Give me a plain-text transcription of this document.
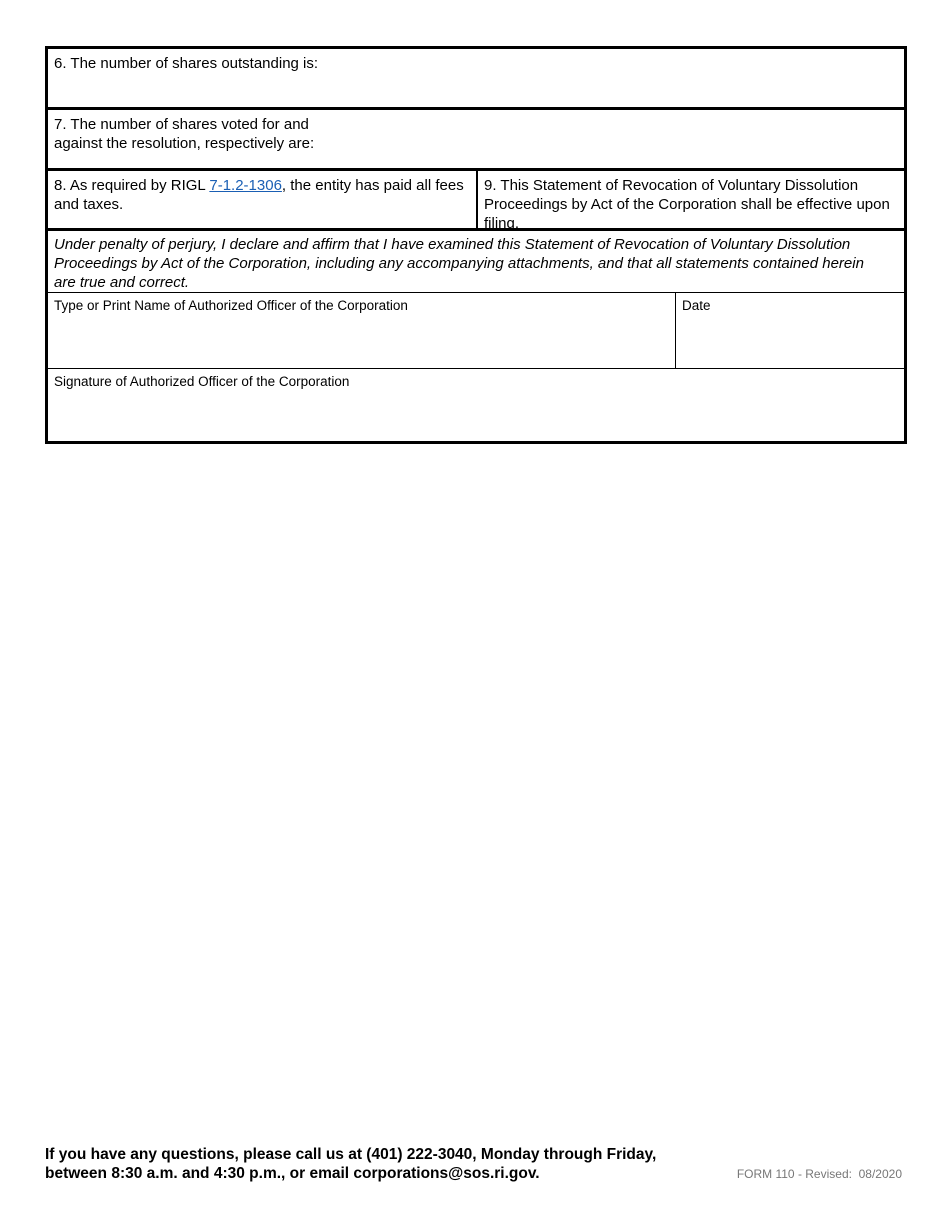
6. The number of shares outstanding is:
7. The number of shares voted for and
against the resolution, respectively are:
8. As required by RIGL 7-1.2-1306, the entity has paid all fees and taxes.
9. This Statement of Revocation of Voluntary Dissolution Proceedings by Act of the Corporation shall be effective upon filing.
Under penalty of perjury, I declare and affirm that I have examined this Statement of Revocation of Voluntary Dissolution
Proceedings by Act of the Corporation, including any accompanying attachments, and that all statements contained herein
are true and correct.
Type or Print Name of Authorized Officer of the Corporation	Date
Signature of Authorized Officer of the Corporation
If you have any questions, please call us at (401) 222-3040, Monday through Friday,
between 8:30 a.m. and 4:30 p.m., or email corporations@sos.ri.gov.	FORM 110 - Revised:  08/2020
